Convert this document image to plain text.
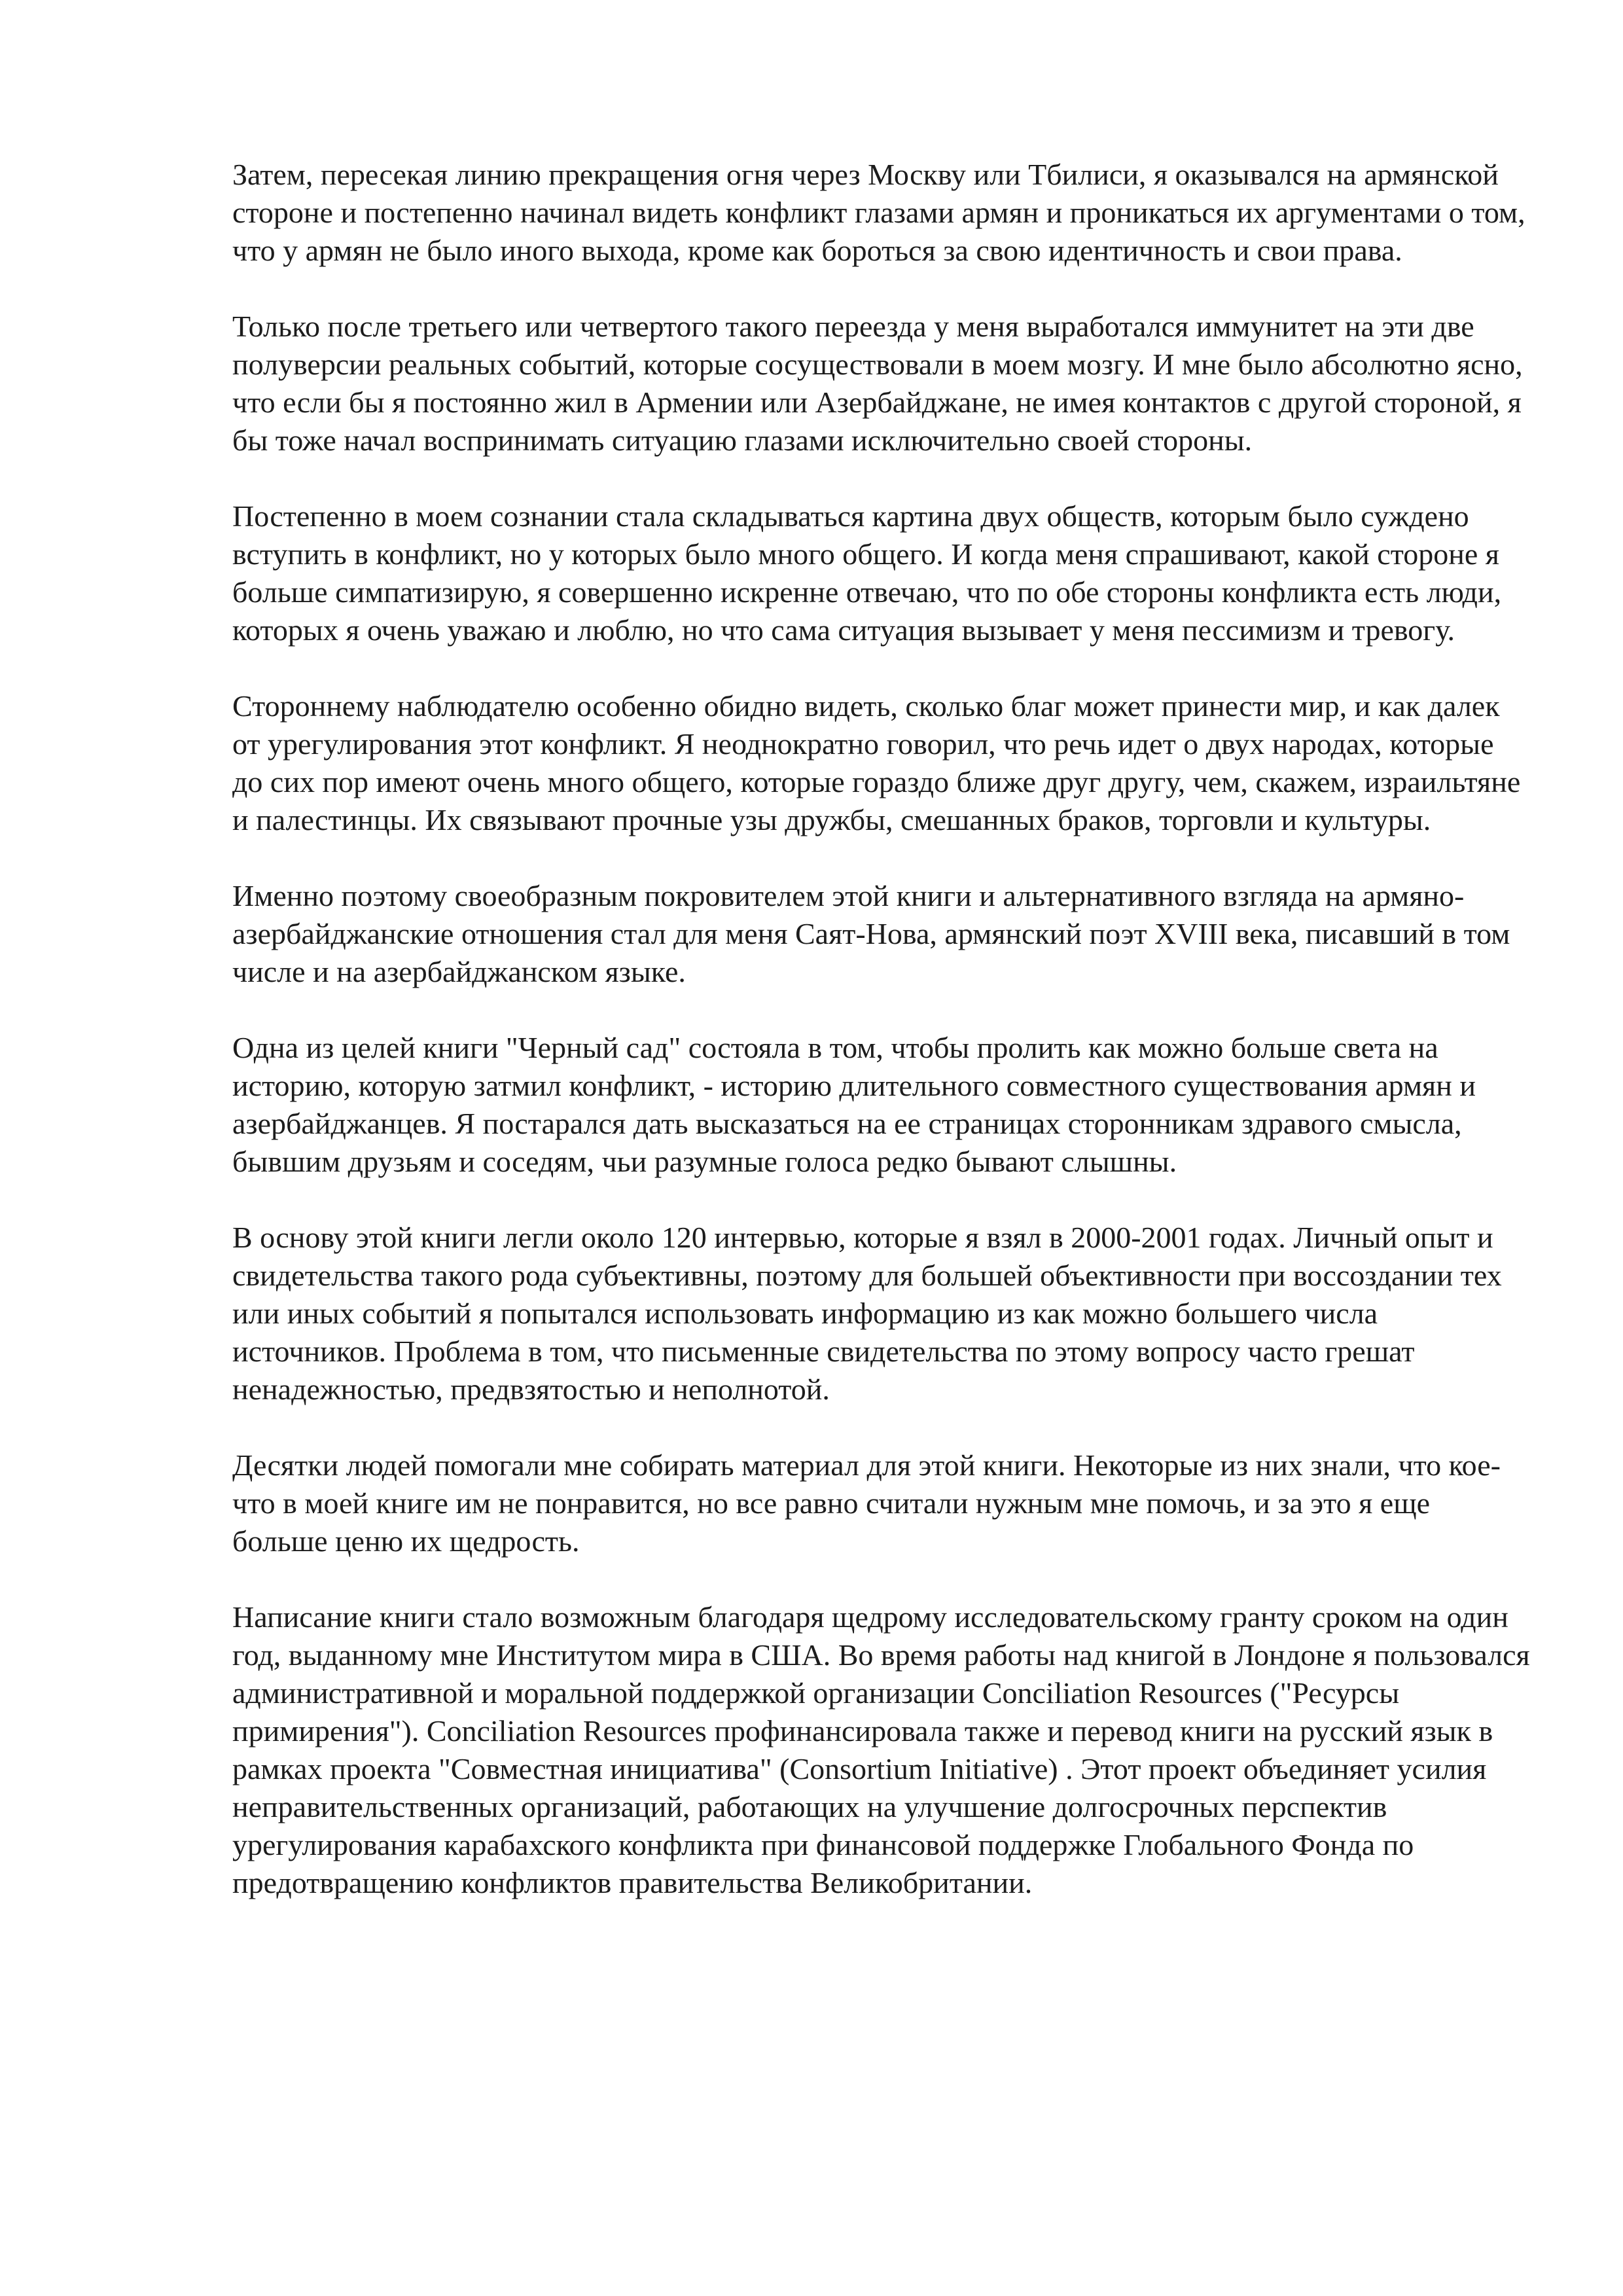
Затем, пересекая линию прекращения огня через Москву или Тбилиси, я оказывался на армянской стороне и постепенно начинал видеть конфликт глазами армян и проникаться их аргументами о том, что у армян не было иного выхода, кроме как бороться за свою идентичность и свои права.

Только после третьего или четвертого такого переезда у меня выработался иммунитет на эти две полуверсии реальных событий, которые сосуществовали в моем мозгу. И мне было абсолютно ясно, что если бы я постоянно жил в Армении или Азербайджане, не имея контактов с другой стороной, я бы тоже начал воспринимать ситуацию глазами исключительно своей стороны.

Постепенно в моем сознании стала складываться картина двух обществ, которым было суждено вступить в конфликт, но у которых было много общего. И когда меня спрашивают, какой стороне я больше симпатизирую, я совершенно искренне отвечаю, что по обе стороны конфликта есть люди, которых я очень уважаю и люблю, но что сама ситуация вызывает у меня пессимизм и тревогу.

Стороннему наблюдателю особенно обидно видеть, сколько благ может принести мир, и как далек от урегулирования этот конфликт. Я неоднократно говорил, что речь идет о двух народах, которые до сих пор имеют очень много общего, которые гораздо ближе друг другу, чем, скажем, израильтяне и палестинцы. Их связывают прочные узы дружбы, смешанных браков, торговли и культуры.

Именно поэтому своеобразным покровителем этой книги и альтернативного взгляда на армяно-азербайджанские отношения стал для меня Саят-Нова, армянский поэт XVIII века, писавший в том числе и на азербайджанском языке.

Одна из целей книги "Черный сад" состояла в том, чтобы пролить как можно больше света на историю, которую затмил конфликт, - историю длительного совместного существования армян и азербайджанцев. Я постарался дать высказаться на ее страницах сторонникам здравого смысла, бывшим друзьям и соседям, чьи разумные голоса редко бывают слышны.

В основу этой книги легли около 120 интервью, которые я взял в 2000-2001 годах. Личный опыт и свидетельства такого рода субъективны, поэтому для большей объективности при воссоздании тех или иных событий я попытался использовать информацию из как можно большего числа источников. Проблема в том, что письменные свидетельства по этому вопросу часто грешат ненадежностью, предвзятостью и неполнотой.

Десятки людей помогали мне собирать материал для этой книги. Некоторые из них знали, что кое-что в моей книге им не понравится, но все равно считали нужным мне помочь, и за это я еще больше ценю их щедрость.

Написание книги стало возможным благодаря щедрому исследовательскому гранту сроком на один год, выданному мне Институтом мира в США. Во время работы над книгой в Лондоне я пользовался административной и моральной поддержкой организации Conciliation Resources ("Ресурсы примирения"). Conciliation Resources профинансировала также и перевод книги на русский язык в рамках проекта "Совместная инициатива" (Consortium Initiative) . Этот проект объединяет усилия неправительственных организаций, работающих на улучшение долгосрочных перспектив урегулирования карабахского конфликта при финансовой поддержке Глобального Фонда по предотвращению конфликтов правительства Великобритании.
